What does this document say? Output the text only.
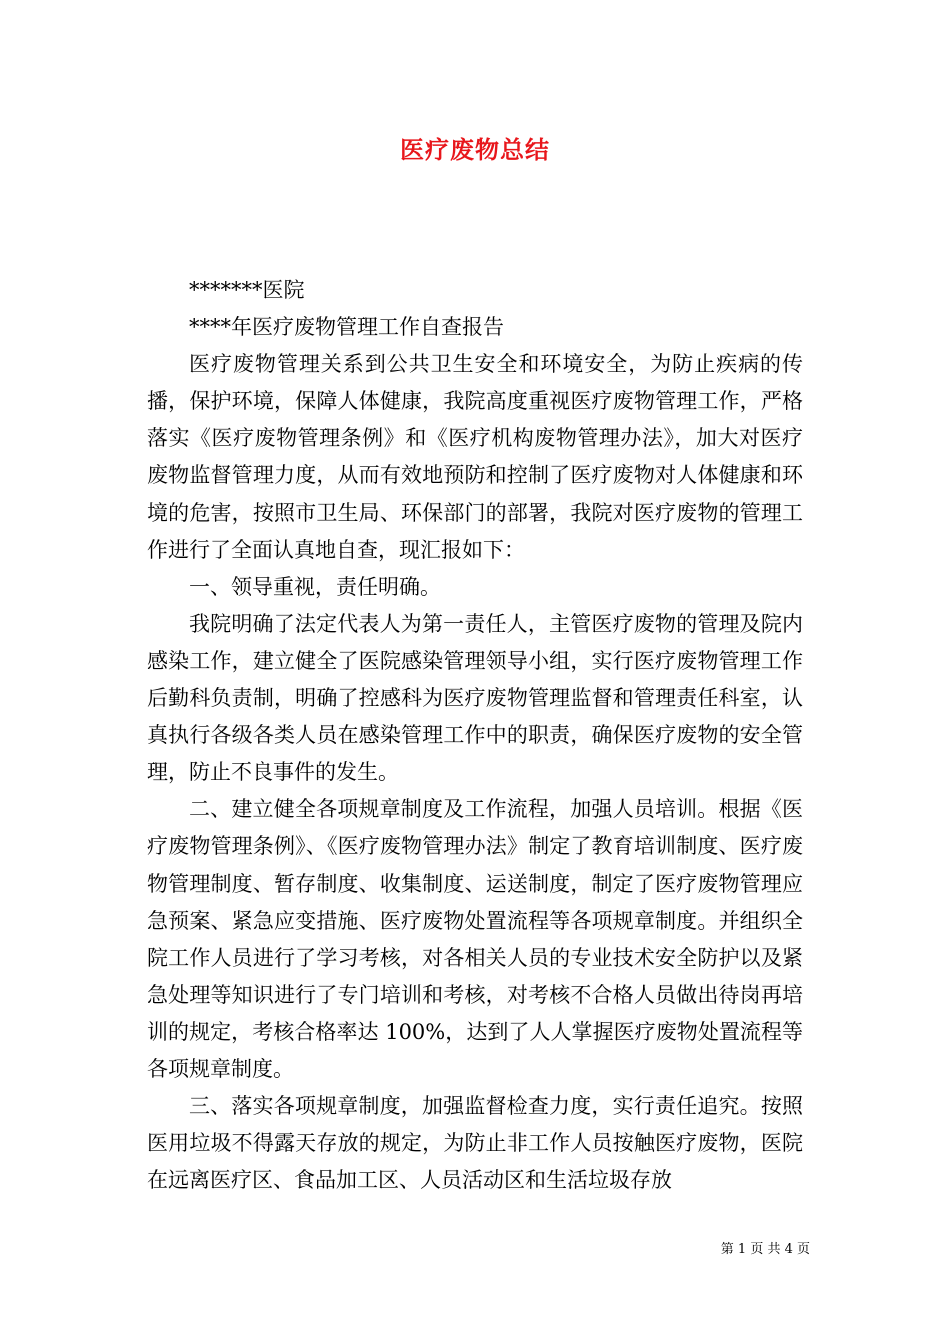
医疗废物总结

*******医院

****年医疗废物管理工作自查报告

医疗废物管理关系到公共卫生安全和环境安全，为防止疾病的传播，保护环境，保障人体健康，我院高度重视医疗废物管理工作，严格落实《医疗废物管理条例》和《医疗机构废物管理办法》，加大对医疗废物监督管理力度，从而有效地预防和控制了医疗废物对人体健康和环境的危害，按照市卫生局、环保部门的部署，我院对医疗废物的管理工作进行了全面认真地自查，现汇报如下：

一、领导重视，责任明确。

我院明确了法定代表人为第一责任人，主管医疗废物的管理及院内感染工作，建立健全了医院感染管理领导小组，实行医疗废物管理工作后勤科负责制，明确了控感科为医疗废物管理监督和管理责任科室，认真执行各级各类人员在感染管理工作中的职责，确保医疗废物的安全管理，防止不良事件的发生。

二、建立健全各项规章制度及工作流程，加强人员培训。根据《医疗废物管理条例》、《医疗废物管理办法》制定了教育培训制度、医疗废物管理制度、暂存制度、收集制度、运送制度，制定了医疗废物管理应急预案、紧急应变措施、医疗废物处置流程等各项规章制度。并组织全院工作人员进行了学习考核，对各相关人员的专业技术安全防护以及紧急处理等知识进行了专门培训和考核，对考核不合格人员做出待岗再培训的规定，考核合格率达 100%，达到了人人掌握医疗废物处置流程等各项规章制度。

三、落实各项规章制度，加强监督检查力度，实行责任追究。按照医用垃圾不得露天存放的规定，为防止非工作人员按触医疗废物，医院在远离医疗区、食品加工区、人员活动区和生活垃圾存放

第 1 页 共 4 页
